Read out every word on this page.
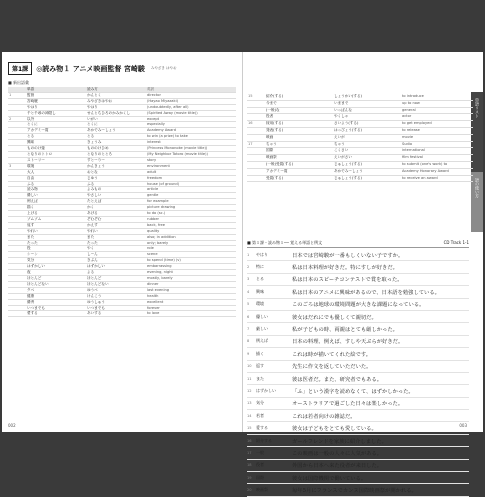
第1課	◎読み物１ アニメ映画監督 宮崎駿 みやざき はやお
■ 新出語彙
		単語	読み方	英訳
1		監督	かんとく	director
		宮崎駿	みやざきはやお	(Hayao Miyazaki)
		やはり	やはり	(undoubtedly, after all)
		千と千尋の神隠し	せんとちひろのかみかくし	(Spirited Away (movie title))
2		以外	いがい	except
		とくに	とくに	especially
		アカデミー賞	あかでみーしょう	Academy Award
		とる	とる	to win (a prize) to take
		興味	きょうみ	interest
		もののけ姫	もののけひめ	(Princess Mononoke (movie title))
		となりのトトロ	となりのととろ	(My Neighbor Totoro (movie title))
		ストーリー	すとーりー	story
3		環境	かんきょう	environment
		大人	おとな	adult
		自由	じゆう	freedom
		ふる	ふる	house (of ground)
		読み物	よみもの	article
		優しい	やさしい	gentle
		例えば	たとえば	for example
		描く	かく	picture drawing
		上げる	あげる	to do (sc.)
		ゾムゾム	ぞむぞむ	rubber
		返す	かえす	back, free
		やれい	やれい	quality
		また	また	also; in addition
		たった	たった	only; barely
		役	やく	role
		シーン	しーん	scene
		気分	きぶん	to spend (time) (v)
		はずかしい	はずかしい	embarrassing
		夜	よる	evening, night
		ほとんど	ほとんど	mostly, barely
		ほとんどない	ほとんどない	dinner
		夕べ	ゆうべ	last evening
		健康	けんこう	health
		優秀	ゆうしゅう	excellent
		いつまでも	いつまでも	forever
		愛する	あいする	to love
002
単語リスト
語の使い方
15		紹介(する)	しょうかい(する)	to introduce
		今まで	いままで	up to now
		(一般)な	いっぱんな	general
		役者	やくしゃ	actor
16		採用(する)	さいよう(する)	to get employed
		発表(する)	はっぴょう(する)	to release
		映画	えいが	movie
17		ちゃう	ちゃう	Sudio
		国際	こくさい	international
		映画祭	えいがさい	film festival
		(一般)受賞(する)	じゅしょう(する)	to submit (one's work) to
		アカデミー賞	あかでみーしょう	Academy Honorary Award
		受賞(する)	じゅしょう(する)	to receive an award
■ 第１課・読み物１── 覚える単語と例文	CD Track 1-1
1	やはり	日本では宮崎駿が一番もしくいない子ですか。
2	特に	私は日本料理が好きだ。特にすしが好きだ。
3	とる	私は日本のスピーチコンテストで賞を取った。
4	興味	私は日本のアニメに興味があるので、日本語を勉強している。
5	環境	このごろは地球の環境問題が大きな課題になっている。
6	優しい	彼女はだれにでも優しくて親切だ。
7	厳しい	私が子どもの時、両親はとても厳しかった。
8	例えば	日本の料理、例えば、すしや天ぷらが好きだ。
9	描く	これは時が描いてくれた絵です。
10	返す	先生に作文を返していただいた。
11	また	彼は医者だ。また、研究者でもある。
12	はずかしい	「ふ」という漢字を読めなくて、はずかしかった。
13	気分	オーストラリアで過ごした日々は楽しかった。
14	若者	これは若者向けの雑誌だ。
15	愛する	彼女は子どもをとても愛している。
16	紹介する	ガールフレンドを家族に紹介しました。
17	一般	この映画は一般の人々に人気がある。
18	役者	外国から日本へ来た役者が来日した。
19	国際	彼女は国際機関で働いている。
20	映画祭	毎年5月にフランスでカンヌ国際映画祭が開かれる。
003
